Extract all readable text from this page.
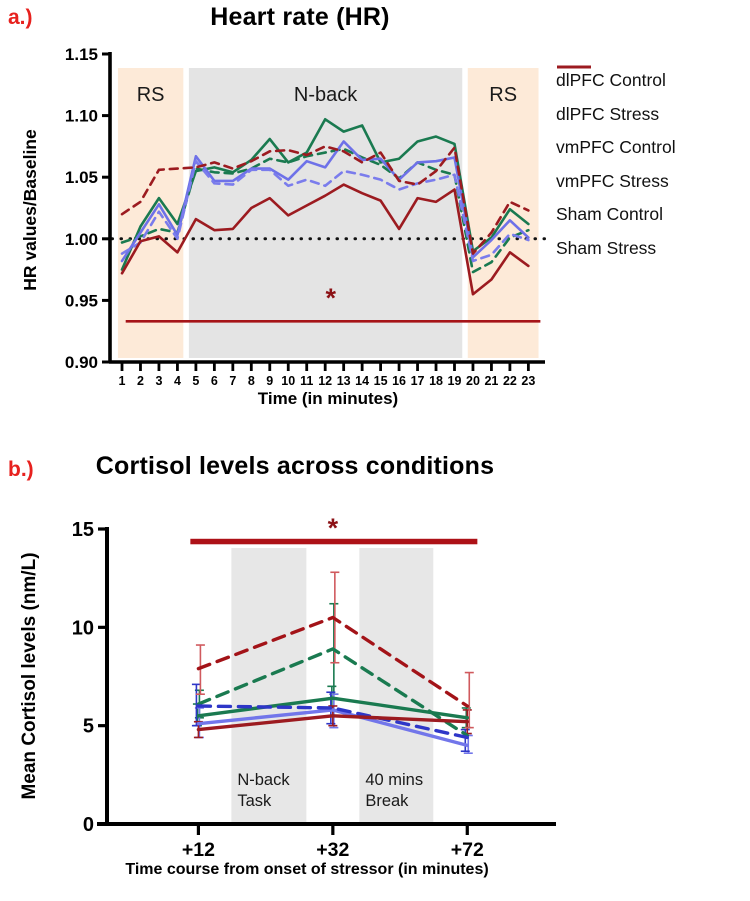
RS	N-back	RS
*
1.15
1.10
1.05
1.00
0.95
0.90
1 2 3 4 5 6 7 8 9 10 11 12 13 14 15 16 17 18 19 20 21 22 23
N-back
Task
40 mins
Break
*
15
10
5
0
+12	+32	+72
a.)	Heart rate (HR)
HR values/Baseline
Time (in minutes)
dlPFC Control
dlPFC Stress
vmPFC Control
vmPFC Stress
Sham Control
Sham Stress
b.)	Cortisol levels across conditions
Mean Cortisol levels (nm/L)
Time course from onset of stressor (in minutes)
